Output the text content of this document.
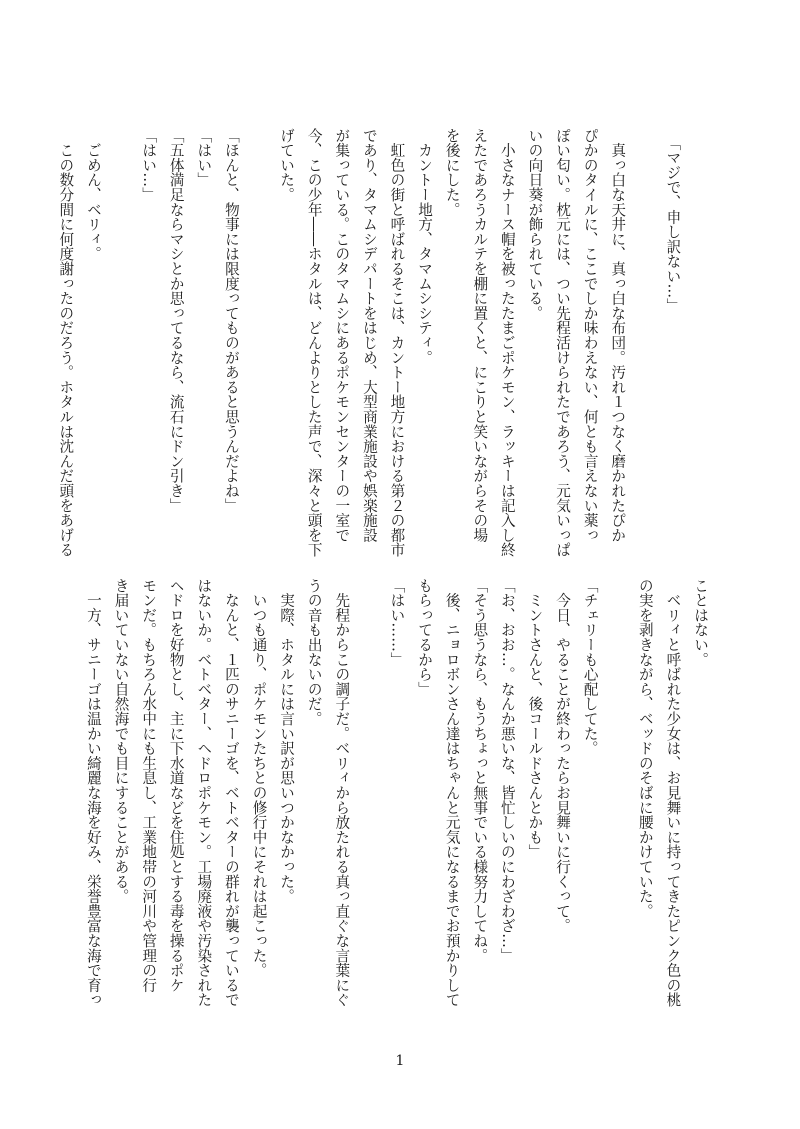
　「マジで、申し訳ない…」

　真っ白な天井に、真っ白な布団。汚れ１つなく磨かれたぴか
ぴかのタイルに、ここでしか味わえない、何とも言えない薬っ
ぽい匂い。枕元には、つい先程活けられたであろう、元気いっぱ
いの向日葵が飾られている。
　小さなナース帽を被ったたまごポケモン、ラッキーは記入し終
えたであろうカルテを棚に置くと、にこりと笑いながらその場
を後にした。
　カントー地方、タマムシシティ。
　虹色の街と呼ばれるそこは、カントー地方における第２の都市
であり、タマムシデパートをはじめ、大型商業施設や娯楽施設
が集っている。このタマムシにあるポケモンセンターの一室で
今、この少年――ホタルは、どんよりとした声で、深々と頭を下
げていた。

「ほんと、物事には限度ってものがあると思うんだよね」
「はい」
「五体満足ならマシとか思ってるなら、流石にドン引き」
「はい…」

　ごめん、ベリィ。
　この数分間に何度謝ったのだろう。ホタルは沈んだ頭をあげる
ことはない。
　ベリィと呼ばれた少女は、お見舞いに持ってきたピンク色の桃
の実を剥きながら、ベッドのそばに腰かけていた。

「チェリーも心配してた。
　今日、やることが終わったらお見舞いに行くって。
　ミントさんと、後コールドさんとかも」
「お、おお…。なんか悪いな、皆忙しいのにわざわざ…」
「そう思うなら、もうちょっと無事でいる様努力してね。
　後、ニョロボンさん達はちゃんと元気になるまでお預かりして
もらってるから」
「はい……」

　先程からこの調子だ。ベリィから放たれる真っ直ぐな言葉にぐ
うの音も出ないのだ。
　実際、ホタルには言い訳が思いつかなかった。
　いつも通り、ポケモンたちとの修行中にそれは起こった。
　なんと、１匹のサニーゴを、ベトベターの群れが襲っているで
はないか。ベトベター、ヘドロポケモン。工場廃液や汚染された
ヘドロを好物とし、主に下水道などを住処とする毒を操るポケ
モンだ。もちろん水中にも生息し、工業地帯の河川や管理の行
き届いていない自然海でも目にすることがある。
　一方、サニーゴは温かい綺麗な海を好み、栄誉豊富な海で育っ
1
